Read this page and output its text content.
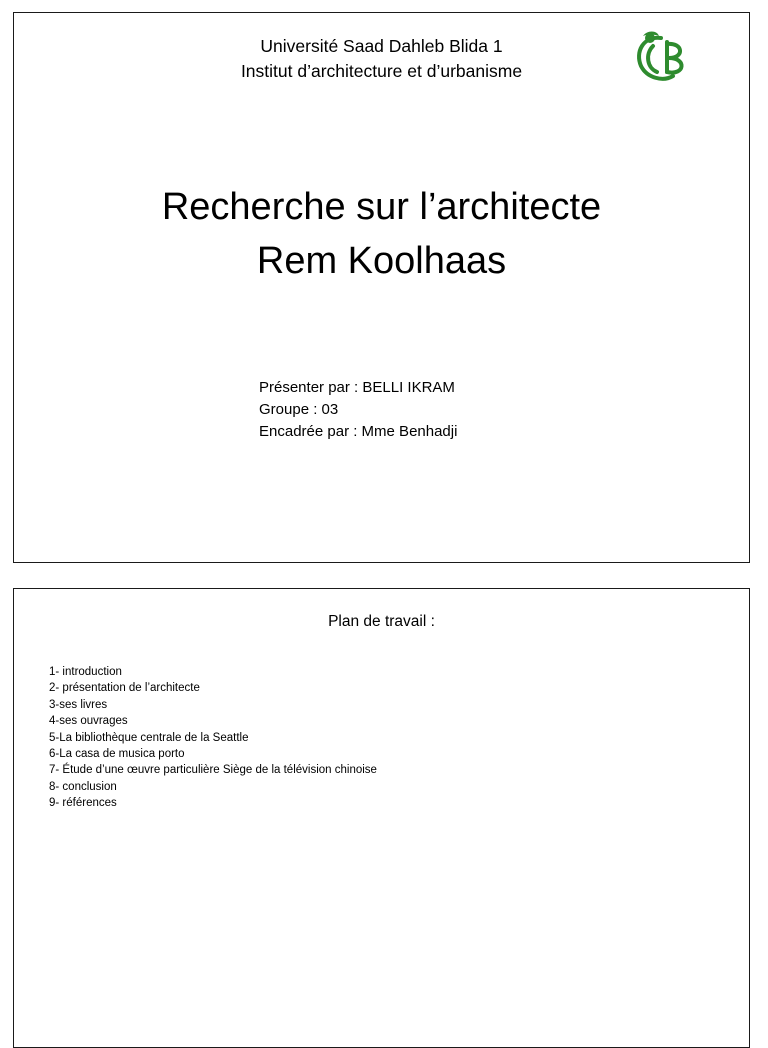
Université Saad Dahleb Blida 1
Institut d’architecture et d’urbanisme
Recherche sur l’architecte
Rem Koolhaas
Présenter par : BELLI IKRAM
Groupe : 03
Encadrée par : Mme Benhadji
Plan de travail :
1- introduction
2- présentation de l’architecte
3-ses livres
4-ses ouvrages
5-La bibliothèque centrale de la Seattle
6-La casa de musica porto
7- Étude d’une œuvre particulière Siège de la télévision chinoise
8- conclusion
9- références
